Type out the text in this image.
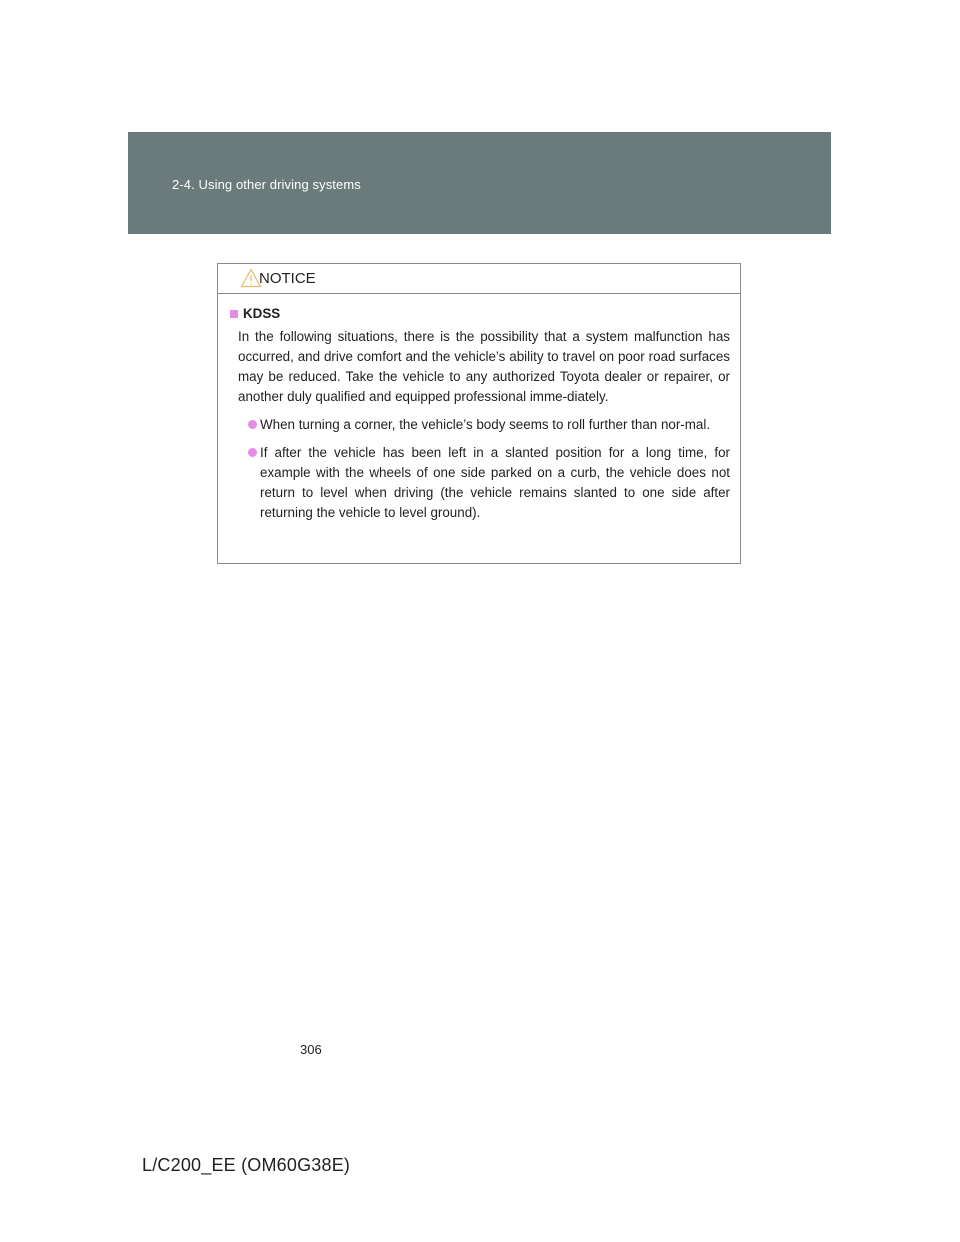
2-4. Using other driving systems
NOTICE
KDSS

In the following situations, there is the possibility that a system malfunction has occurred, and drive comfort and the vehicle’s ability to travel on poor road surfaces may be reduced. Take the vehicle to any authorized Toyota dealer or repairer, or another duly qualified and equipped professional imme-diately.

When turning a corner, the vehicle’s body seems to roll further than nor-mal.
If after the vehicle has been left in a slanted position for a long time, for example with the wheels of one side parked on a curb, the vehicle does not return to level when driving (the vehicle remains slanted to one side after returning the vehicle to level ground).
306
L/C200_EE (OM60G38E)
